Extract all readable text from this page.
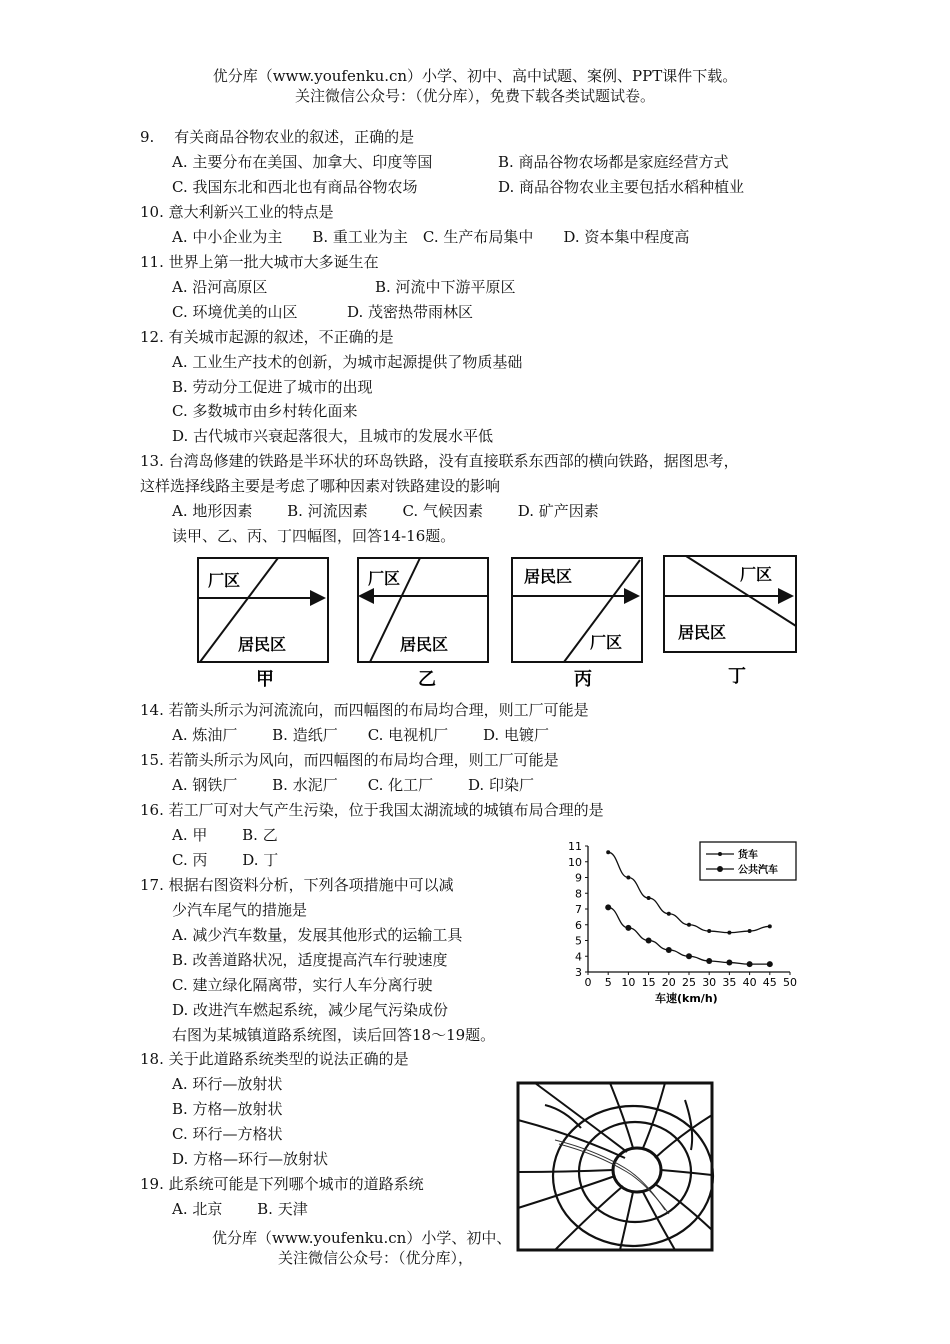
优分库（www.youfenku.cn）小学、初中、高中试题、案例、PPT课件下载。
关注微信公众号：（优分库），免费下载各类试题试卷。
9.　 有关商品谷物农业的叙述，正确的是
A. 主要分布在美国、加拿大、印度等国	B. 商品谷物农场都是家庭经营方式
C. 我国东北和西北也有商品谷物农场	D. 商品谷物农业主要包括水稻种植业
10. 意大利新兴工业的特点是
A. 中小企业为主　　B. 重工业为主　C. 生产布局集中　　D. 资本集中程度高
11. 世界上第一批大城市大多诞生在
A. 沿河高原区	B. 河流中下游平原区
C. 环境优美的山区	D. 茂密热带雨林区
12. 有关城市起源的叙述，不正确的是
A. 工业生产技术的创新，为城市起源提供了物质基础
B. 劳动分工促进了城市的出现
C. 多数城市由乡村转化面来
D. 古代城市兴衰起落很大，且城市的发展水平低
13. 台湾岛修建的铁路是半环状的环岛铁路，没有直接联系东西部的横向铁路，据图思考，
这样选择线路主要是考虑了哪种因素对铁路建设的影响
A. 地形因素　　 B. 河流因素　　 C. 气候因素　　 D. 矿产因素
读甲、乙、丙、丁四幅图，回答14-16题。
厂区
居民区
甲
厂区
居民区
乙
居民区
厂区
丙
厂区
居民区
丁
14. 若箭头所示为河流流向，而四幅图的布局均合理，则工厂可能是
A. 炼油厂　　 B. 造纸厂　　C. 电视机厂　　 D. 电镀厂
15. 若箭头所示为风向，而四幅图的布局均合理，则工厂可能是
A. 钢铁厂　　 B. 水泥厂　　C. 化工厂　　 D. 印染厂
16. 若工厂可对大气产生污染，位于我国太湖流域的城镇布局合理的是
A. 甲　　 B. 乙
C. 丙　　 D. 丁
17. 根据右图资料分析，下列各项措施中可以减
少汽车尾气的措施是
A. 减少汽车数量，发展其他形式的运输工具
B. 改善道路状况，适度提高汽车行驶速度
C. 建立绿化隔离带，实行人车分离行驶
D. 改进汽车燃起系统，减少尾气污染成份
右图为某城镇道路系统图，读后回答18～19题。
3
4
5
6
7
8
9
10
11
0 5 10 15 20 25 30 35 40 45 50
货车
公共汽车
车速(km/h)
18. 关于此道路系统类型的说法正确的是
A. 环行—放射状
B. 方格—放射状
C. 环行—方格状
D. 方格—环行—放射状
19. 此系统可能是下列哪个城市的道路系统
A. 北京　　 B. 天津
优分库（www.youfenku.cn）小学、初中、
关注微信公众号：（优分库），
